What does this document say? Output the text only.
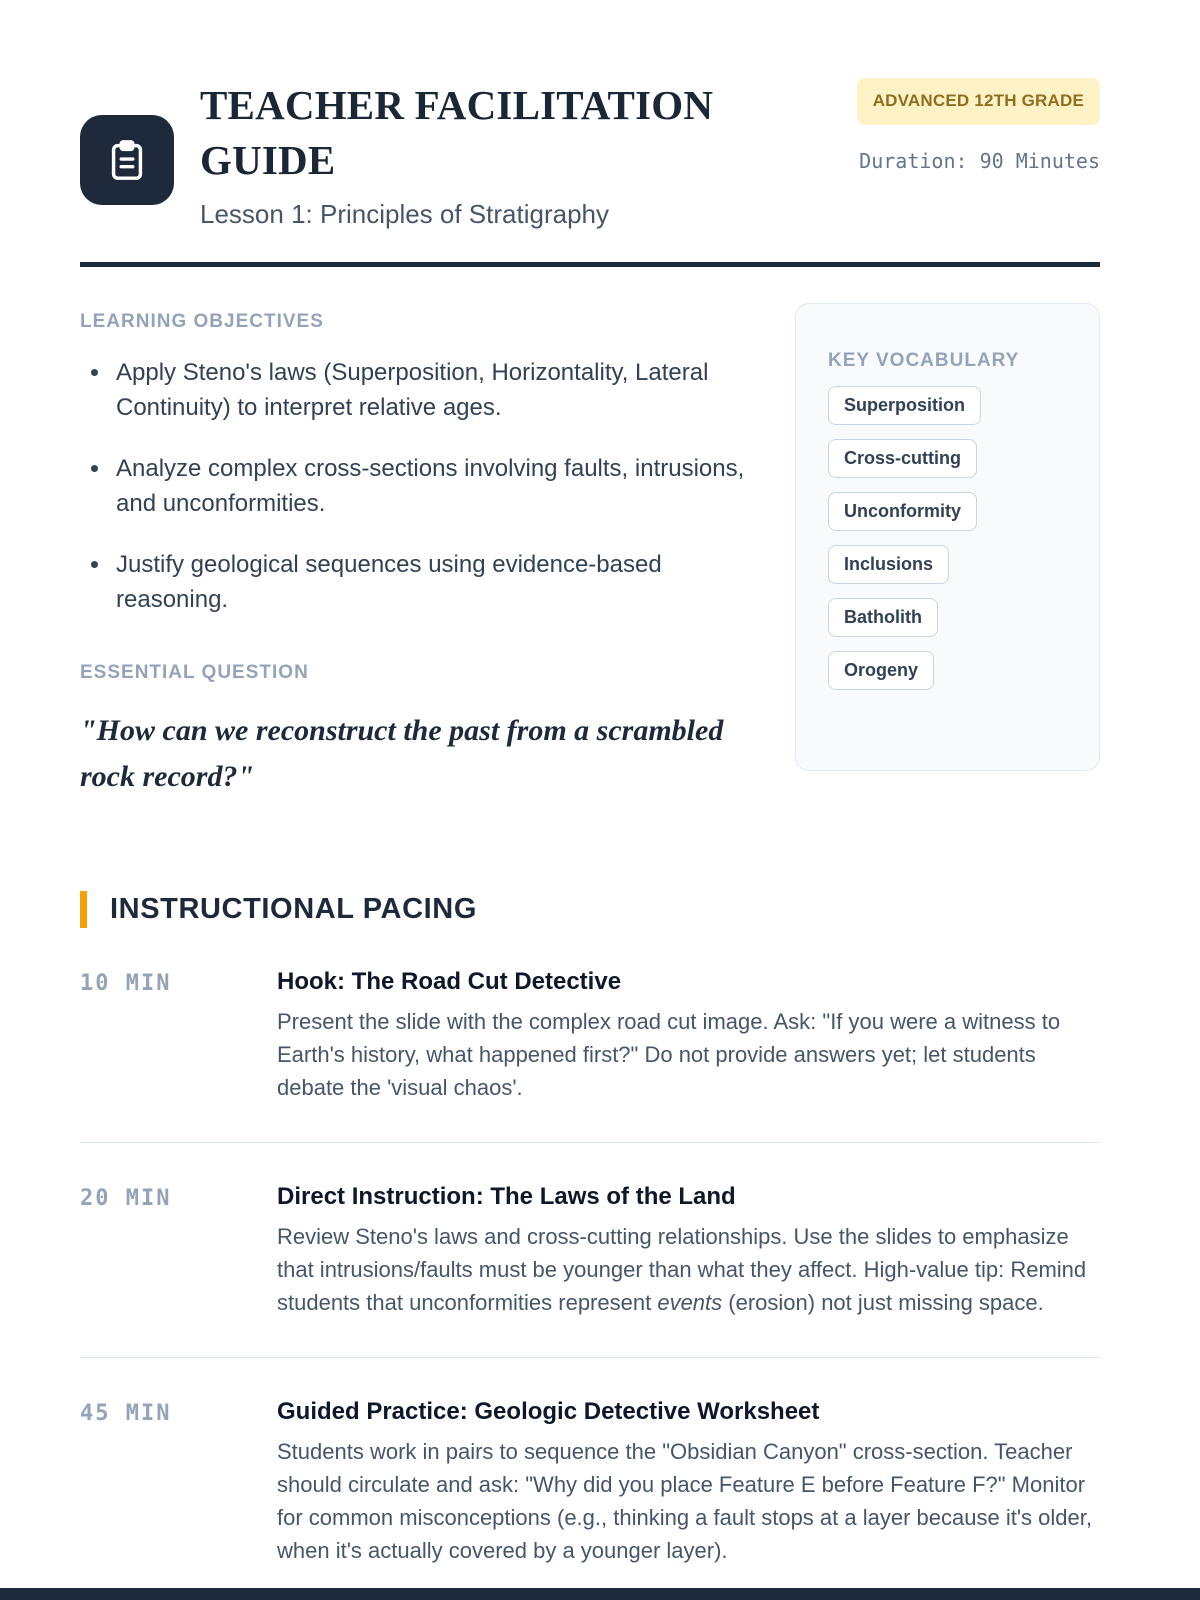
TEACHER FACILITATION GUIDE

Lesson 1: Principles of Stratigraphy

ADVANCED 12TH GRADE
Duration: 90 Minutes
LEARNING OBJECTIVES
• Apply Steno's laws (Superposition, Horizontality, Lateral Continuity) to interpret relative ages.
• Analyze complex cross-sections involving faults, intrusions, and unconformities.
• Justify geological sequences using evidence-based reasoning.
ESSENTIAL QUESTION

"How can we reconstruct the past from a scrambled rock record?"

KEY VOCABULARY
Superposition
Cross-cutting
Unconformity
Inclusions
Batholith
Orogeny
INSTRUCTIONAL PACING
10 MIN	Hook: The Road Cut Detective

Present the slide with the complex road cut image. Ask: "If you were a witness to Earth's history, what happened first?" Do not provide answers yet; let students debate the 'visual chaos'.

20 MIN	Direct Instruction: The Laws of the Land

Review Steno's laws and cross-cutting relationships. Use the slides to emphasize that intrusions/faults must be younger than what they affect. High-value tip: Remind students that unconformities represent events (erosion) not just missing space.

45 MIN	Guided Practice: Geologic Detective Worksheet

Students work in pairs to sequence the "Obsidian Canyon" cross-section. Teacher should circulate and ask: "Why did you place Feature E before Feature F?" Monitor for common misconceptions (e.g., thinking a fault stops at a layer because it's older, when it's actually covered by a younger layer).
